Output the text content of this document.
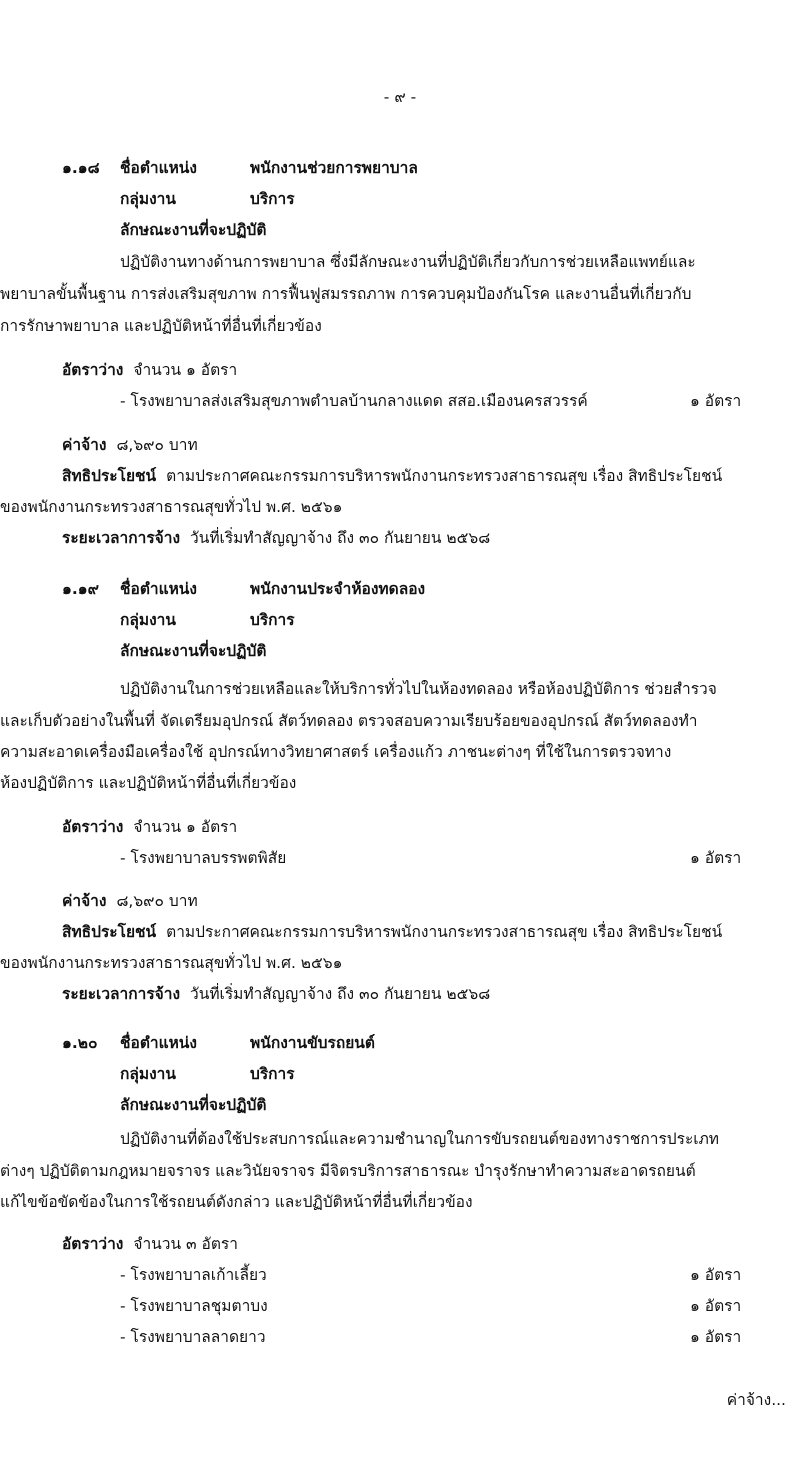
- ๙ -
๑.๑๘ ชื่อตำแหน่ง	พนักงานช่วยการพยาบาล
กลุ่มงาน	บริการ
ลักษณะงานที่จะปฏิบัติ
ปฏิบัติงานทางด้านการพยาบาล ซึ่งมีลักษณะงานที่ปฏิบัติเกี่ยวกับการช่วยเหลือแพทย์และ
พยาบาลขั้นพื้นฐาน การส่งเสริมสุขภาพ การฟื้นฟูสมรรถภาพ การควบคุมป้องกันโรค และงานอื่นที่เกี่ยวกับ
การรักษาพยาบาล และปฏิบัติหน้าที่อื่นที่เกี่ยวข้อง
อัตราว่าง จำนวน ๑ อัตรา
- โรงพยาบาลส่งเสริมสุขภาพตำบลบ้านกลางแดด สสอ.เมืองนครสวรรค์	๑ อัตรา
ค่าจ้าง ๘,๖๙๐ บาท
สิทธิประโยชน์ ตามประกาศคณะกรรมการบริหารพนักงานกระทรวงสาธารณสุข เรื่อง สิทธิประโยชน์
ของพนักงานกระทรวงสาธารณสุขทั่วไป พ.ศ. ๒๕๖๑
ระยะเวลาการจ้าง วันที่เริ่มทำสัญญาจ้าง ถึง ๓๐ กันยายน ๒๕๖๘
๑.๑๙ ชื่อตำแหน่ง	พนักงานประจำห้องทดลอง
กลุ่มงาน	บริการ
ลักษณะงานที่จะปฏิบัติ
ปฏิบัติงานในการช่วยเหลือและให้บริการทั่วไปในห้องทดลอง หรือห้องปฏิบัติการ ช่วยสำรวจ
และเก็บตัวอย่างในพื้นที่ จัดเตรียมอุปกรณ์ สัตว์ทดลอง ตรวจสอบความเรียบร้อยของอุปกรณ์ สัตว์ทดลองทำ
ความสะอาดเครื่องมือเครื่องใช้ อุปกรณ์ทางวิทยาศาสตร์ เครื่องแก้ว ภาชนะต่างๆ ที่ใช้ในการตรวจทาง
ห้องปฏิบัติการ และปฏิบัติหน้าที่อื่นที่เกี่ยวข้อง
อัตราว่าง จำนวน ๑ อัตรา
- โรงพยาบาลบรรพตพิสัย	๑ อัตรา
ค่าจ้าง ๘,๖๙๐ บาท
สิทธิประโยชน์ ตามประกาศคณะกรรมการบริหารพนักงานกระทรวงสาธารณสุข เรื่อง สิทธิประโยชน์
ของพนักงานกระทรวงสาธารณสุขทั่วไป พ.ศ. ๒๕๖๑
ระยะเวลาการจ้าง วันที่เริ่มทำสัญญาจ้าง ถึง ๓๐ กันยายน ๒๕๖๘
๑.๒๐ ชื่อตำแหน่ง	พนักงานขับรถยนต์
กลุ่มงาน	บริการ
ลักษณะงานที่จะปฏิบัติ
ปฏิบัติงานที่ต้องใช้ประสบการณ์และความชำนาญในการขับรถยนต์ของทางราชการประเภท
ต่างๆ ปฏิบัติตามกฎหมายจราจร และวินัยจราจร มีจิตรบริการสาธารณะ บำรุงรักษาทำความสะอาดรถยนต์
แก้ไขข้อขัดข้องในการใช้รถยนต์ดังกล่าว และปฏิบัติหน้าที่อื่นที่เกี่ยวข้อง
อัตราว่าง จำนวน ๓ อัตรา
- โรงพยาบาลเก้าเลี้ยว	๑ อัตรา
- โรงพยาบาลชุมตาบง	๑ อัตรา
- โรงพยาบาลลาดยาว	๑ อัตรา
ค่าจ้าง...
